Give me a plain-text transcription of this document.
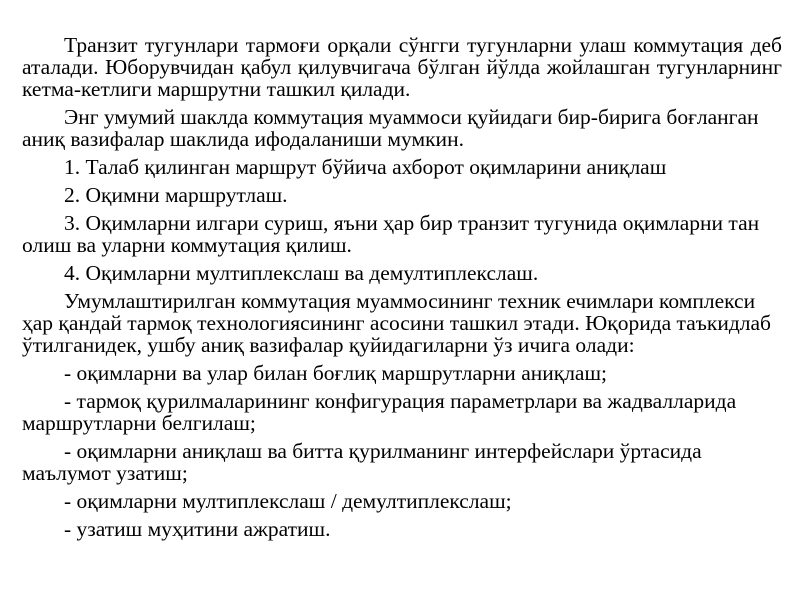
Транзит тугунлари тармоғи орқали сўнгги тугунларни улаш коммутация деб аталади. Юборувчидан қабул қилувчигача бўлган йўлда жойлашган тугунларнинг кетма-кетлиги маршрутни ташкил қилади.

Энг умумий шаклда коммутация муаммоси қуйидаги бир-бирига боғланган аниқ вазифалар шаклида ифодаланиши мумкин.

1. Талаб қилинган маршрут бўйича ахборот оқимларини аниқлаш

2. Оқимни маршрутлаш.

3. Оқимларни илгари суриш, яъни ҳар бир транзит тугунида оқимларни тан олиш ва уларни коммутация қилиш.

4. Оқимларни мултиплекслаш ва демултиплекслаш.

Умумлаштирилган коммутация муаммосининг техник ечимлари комплекси ҳар қандай тармоқ технологиясининг асосини ташкил этади. Юқорида таъкидлаб ўтилганидек, ушбу аниқ вазифалар қуйидагиларни ўз ичига олади:

- оқимларни ва улар билан боғлиқ маршрутларни аниқлаш;

- тармоқ қурилмаларининг конфигурация параметрлари ва жадвалларида маршрутларни белгилаш;

- оқимларни аниқлаш ва битта қурилманинг интерфейслари ўртасида маълумот узатиш;

- оқимларни мултиплекслаш / демултиплекслаш;

- узатиш муҳитини ажратиш.
